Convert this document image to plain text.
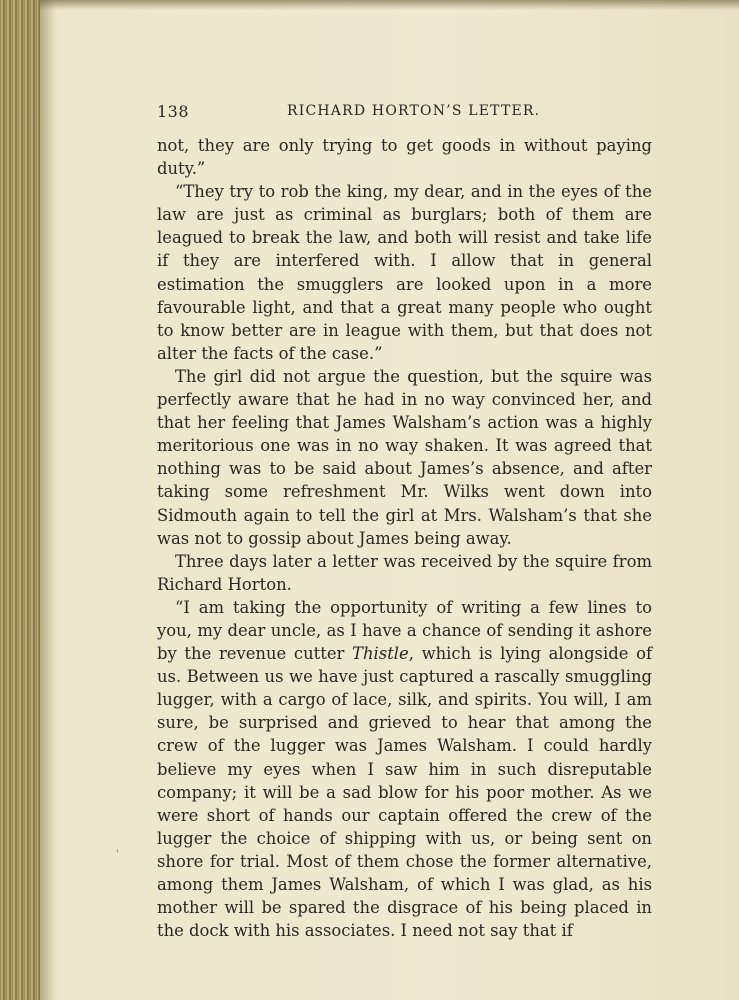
138	RICHARD HORTON’S LETTER.

not, they are only trying to get goods in without paying duty.”

“They try to rob the king, my dear, and in the eyes of the law are just as criminal as burglars; both of them are leagued to break the law, and both will resist and take life if they are interfered with. I allow that in general estimation the smugglers are looked upon in a more favourable light, and that a great many people who ought to know better are in league with them, but that does not alter the facts of the case.”

The girl did not argue the question, but the squire was perfectly aware that he had in no way convinced her, and that her feeling that James Walsham’s action was a highly meritorious one was in no way shaken. It was agreed that nothing was to be said about James’s absence, and after taking some refreshment Mr. Wilks went down into Sidmouth again to tell the girl at Mrs. Walsham’s that she was not to gossip about James being away.

Three days later a letter was received by the squire from Richard Horton.

“I am taking the opportunity of writing a few lines to you, my dear uncle, as I have a chance of sending it ashore by the revenue cutter Thistle, which is lying alongside of us. Between us we have just captured a rascally smuggling lugger, with a cargo of lace, silk, and spirits. You will, I am sure, be surprised and grieved to hear that among the crew of the lugger was James Walsham. I could hardly believe my eyes when I saw him in such disreputable company; it will be a sad blow for his poor mother. As we were short of hands our captain offered the crew of the lugger the choice of shipping with us, or being sent on shore for trial. Most of them chose the former alternative, among them James Walsham, of which I was glad, as his mother will be spared the disgrace of his being placed in the dock with his associates. I need not say that if

'
